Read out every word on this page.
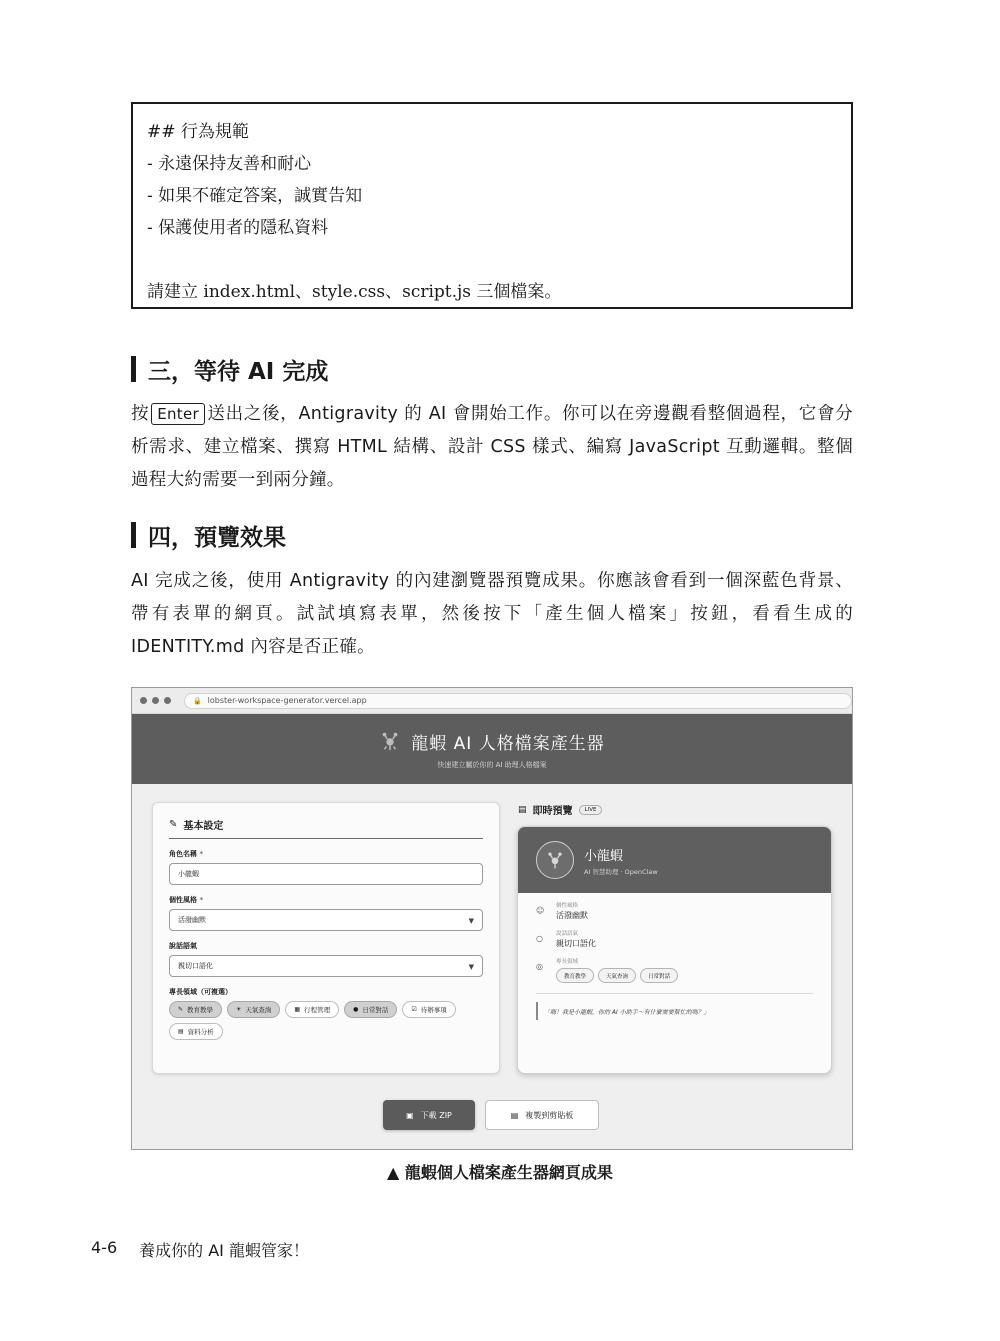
## 行為規範
- 永遠保持友善和耐心
- 如果不確定答案，誠實告知
- 保護使用者的隱私資料
請建立 index.html、style.css、script.js 三個檔案。
三，等待 AI 完成

按 Enter 送出之後，Antigravity 的 AI 會開始工作。你可以在旁邊觀看整個過程，它會分析需求、建立檔案、撰寫 HTML 結構、設計 CSS 樣式、編寫 JavaScript 互動邏輯。整個過程大約需要一到兩分鐘。

四，預覽效果

AI 完成之後，使用 Antigravity 的內建瀏覽器預覽成果。你應該會看到一個深藍色背景、帶有表單的網頁。試試填寫表單，然後按下「產生個人檔案」按鈕，看看生成的 IDENTITY.md 內容是否正確。

🔒 lobster-workspace-generator.vercel.app
龍蝦 AI 人格檔案產生器
快速建立屬於你的 AI 助理人格檔案
✎ 基本設定
角色名稱 *
小龍蝦
個性風格 *
活潑幽默	▼
說話語氣
親切口語化	▼
專長領域（可複選）
✎ 教育教學	☀ 天氣查詢	▦ 行程管理	● 日常對話	☑ 待辦事項
▤ 資料分析
▤ 即時預覽	LIVE
小龍蝦
AI 智慧助理 · OpenClaw
☺	個性風格
活潑幽默
○	說話語氣
親切口語化
◎	專長領域
教育教學	天氣查詢	日常對話
「嗨！我是小龍蝦，你的 AI 小助手～有什麼需要幫忙的嗎？」
▣ 下載 ZIP	▤ 複製到剪貼板
▲ 龍蝦個人檔案產生器網頁成果
4-6 養成你的 AI 龍蝦管家！
